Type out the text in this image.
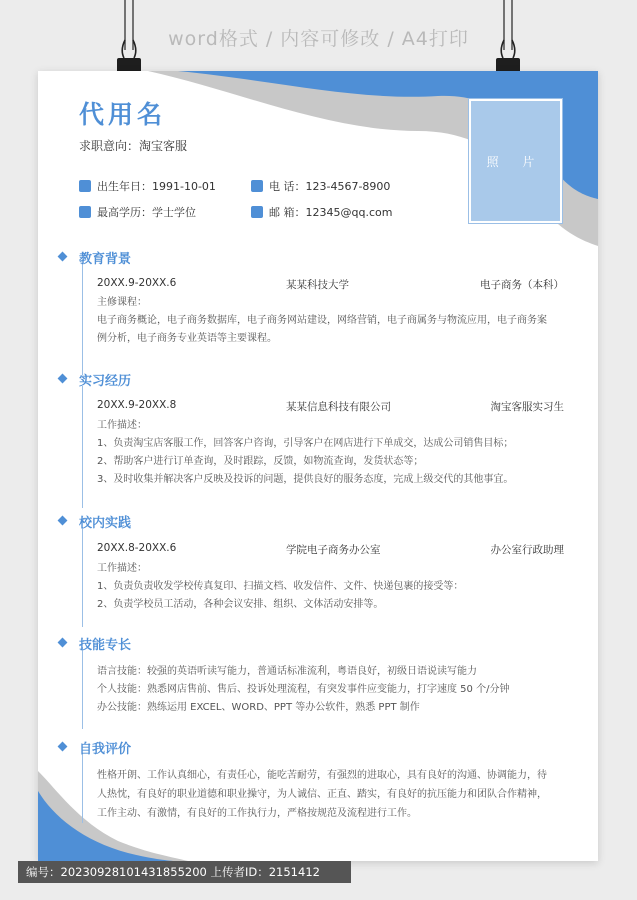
word格式 / 内容可修改 / A4打印
代用名
求职意向：淘宝客服
照 片
出生年日：1991-10-01	电 话：123-4567-8900
最高学历：学士学位	邮 箱：12345@qq.com
教育背景
20XX.9-20XX.6	某某科技大学	电子商务（本科）
主修课程：
电子商务概论，电子商务数据库，电子商务网站建设，网络营销，电子商属务与物流应用，电子商务案
例分析，电子商务专业英语等主要课程。
实习经历
20XX.9-20XX.8	某某信息科技有限公司	淘宝客服实习生
工作描述：
1、负责淘宝店客服工作，回答客户咨询，引导客户在网店进行下单成交，达成公司销售目标；
2、帮助客户进行订单查询，及时跟踪，反馈，如物流查询，发货状态等；
3、及时收集并解决客户反映及投诉的问题，提供良好的服务态度，完成上级交代的其他事宜。
校内实践
20XX.8-20XX.6	学院电子商务办公室	办公室行政助理
工作描述：
1、负责负责收发学校传真复印、扫描文档、收发信件、文件、快递包裹的接受等：
2、负责学校员工活动，各种会议安排、组织、文体活动安排等。
技能专长
语言技能：较强的英语听读写能力，普通话标准流利，粤语良好，初级日语说读写能力
个人技能：熟悉网店售前、售后、投诉处理流程，有突发事件应变能力，打字速度 50 个/分钟
办公技能：熟练运用 EXCEL、WORD、PPT 等办公软件，熟悉 PPT 制作
自我评价
性格开朗、工作认真细心，有责任心，能吃苦耐劳，有强烈的进取心，具有良好的沟通、协调能力，待
人热忱，有良好的职业道德和职业操守，为人诚信、正直、踏实，有良好的抗压能力和团队合作精神，
工作主动、有激情，有良好的工作执行力，严格按规范及流程进行工作。
编号：20230928101431855200 上传者ID：2151412
